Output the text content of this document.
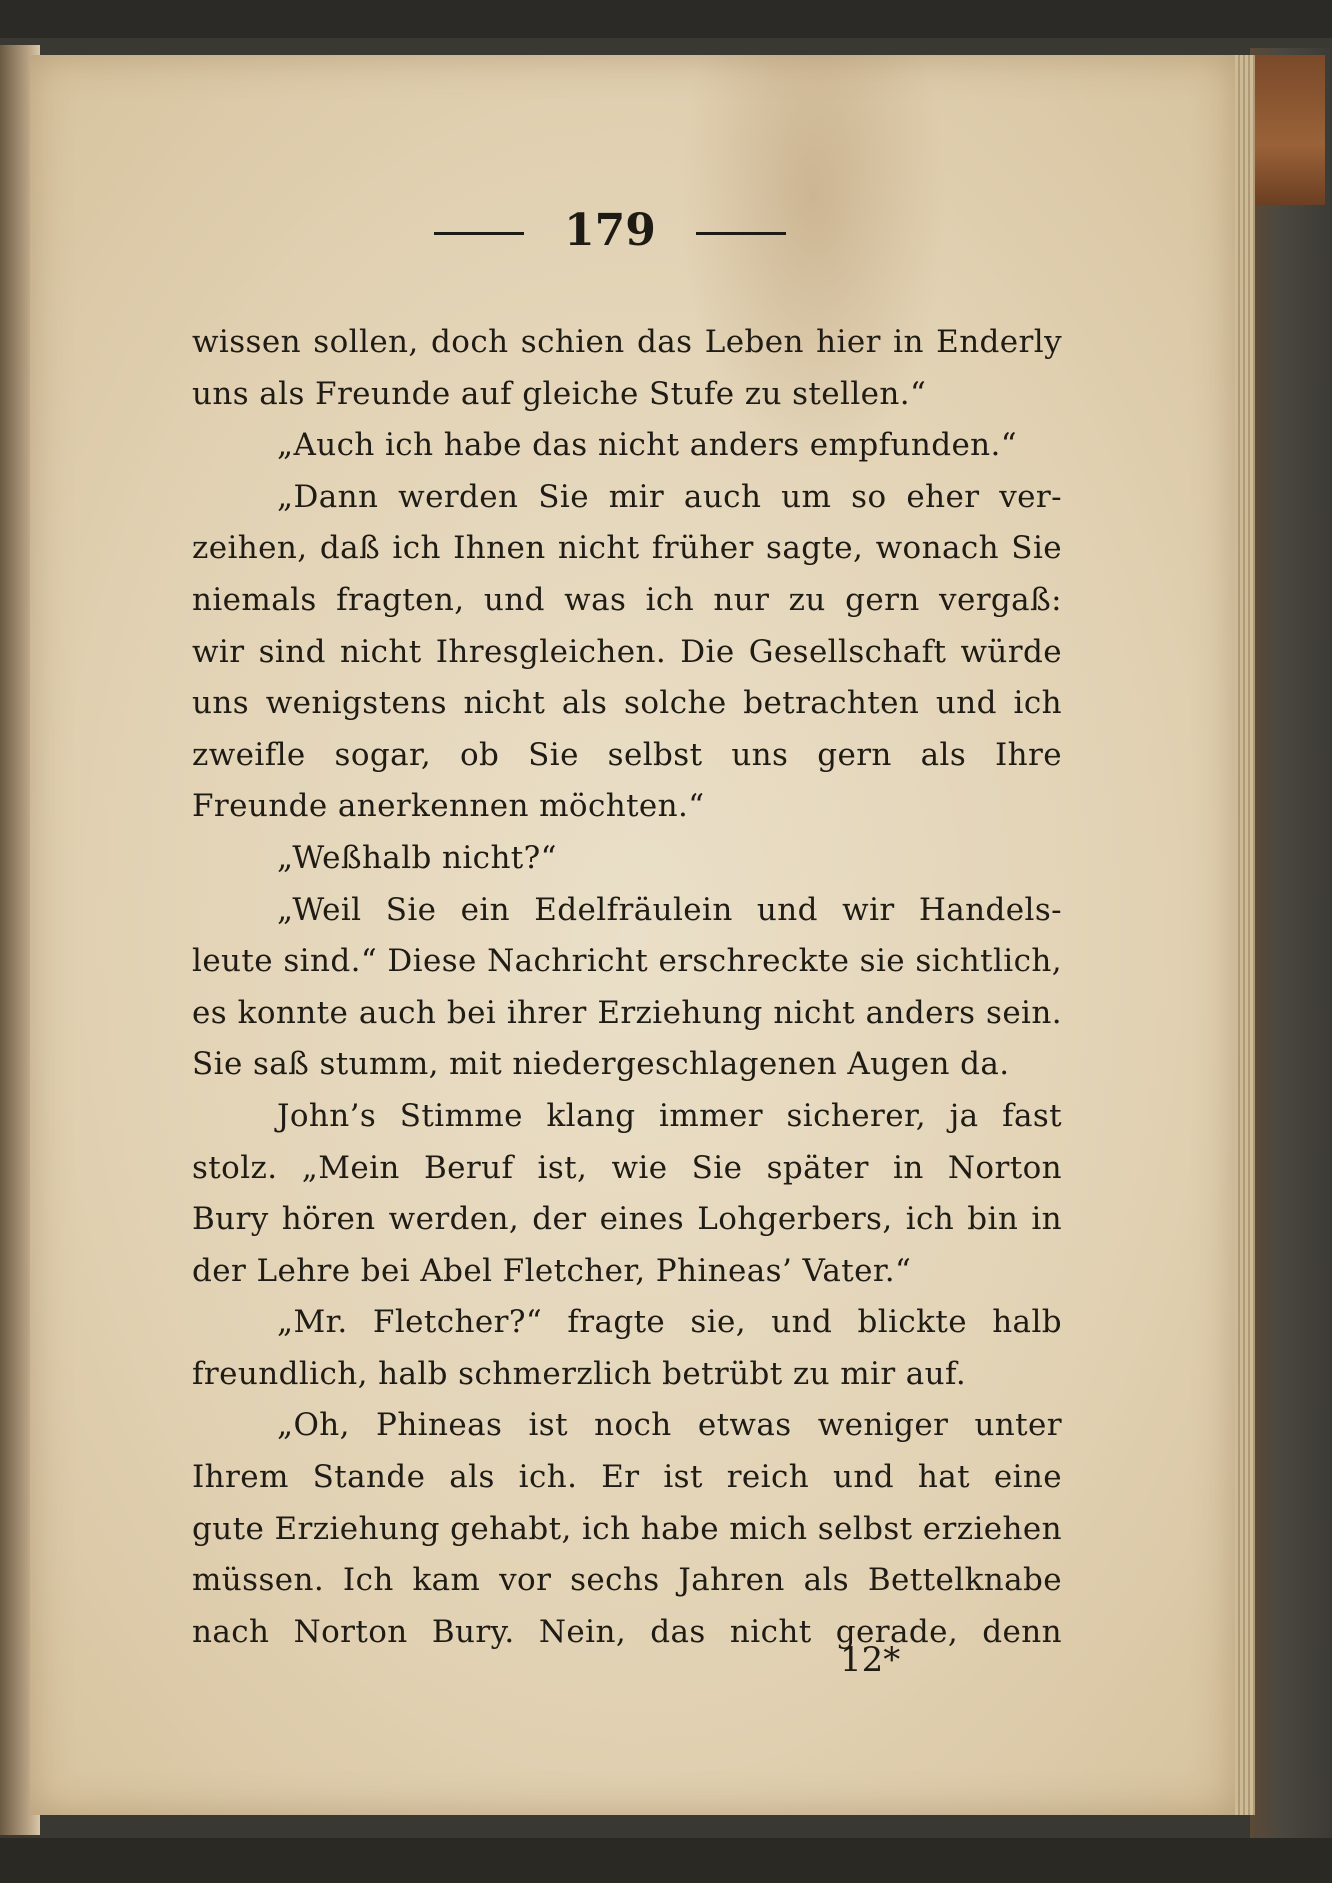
179
wissen sollen, doch schien das Leben hier in Enderly
uns als Freunde auf gleiche Stufe zu stellen.“
„Auch ich habe das nicht anders empfunden.“
„Dann werden Sie mir auch um so eher ver-
zeihen, daß ich Ihnen nicht früher sagte, wonach Sie
niemals fragten, und was ich nur zu gern vergaß:
wir sind nicht Ihresgleichen. Die Gesellschaft würde
uns wenigstens nicht als solche betrachten und ich
zweifle sogar, ob Sie selbst uns gern als Ihre
Freunde anerkennen möchten.“
„Weßhalb nicht?“
„Weil Sie ein Edelfräulein und wir Handels-
leute sind.“ Diese Nachricht erschreckte sie sichtlich,
es konnte auch bei ihrer Erziehung nicht anders sein.
Sie saß stumm, mit niedergeschlagenen Augen da.
John’s Stimme klang immer sicherer, ja fast
stolz. „Mein Beruf ist, wie Sie später in Norton
Bury hören werden, der eines Lohgerbers, ich bin in
der Lehre bei Abel Fletcher, Phineas’ Vater.“
„Mr. Fletcher?“ fragte sie, und blickte halb
freundlich, halb schmerzlich betrübt zu mir auf.
„Oh, Phineas ist noch etwas weniger unter
Ihrem Stande als ich. Er ist reich und hat eine
gute Erziehung gehabt, ich habe mich selbst erziehen
müssen. Ich kam vor sechs Jahren als Bettelknabe
nach Norton Bury. Nein, das nicht gerade, denn
12*
